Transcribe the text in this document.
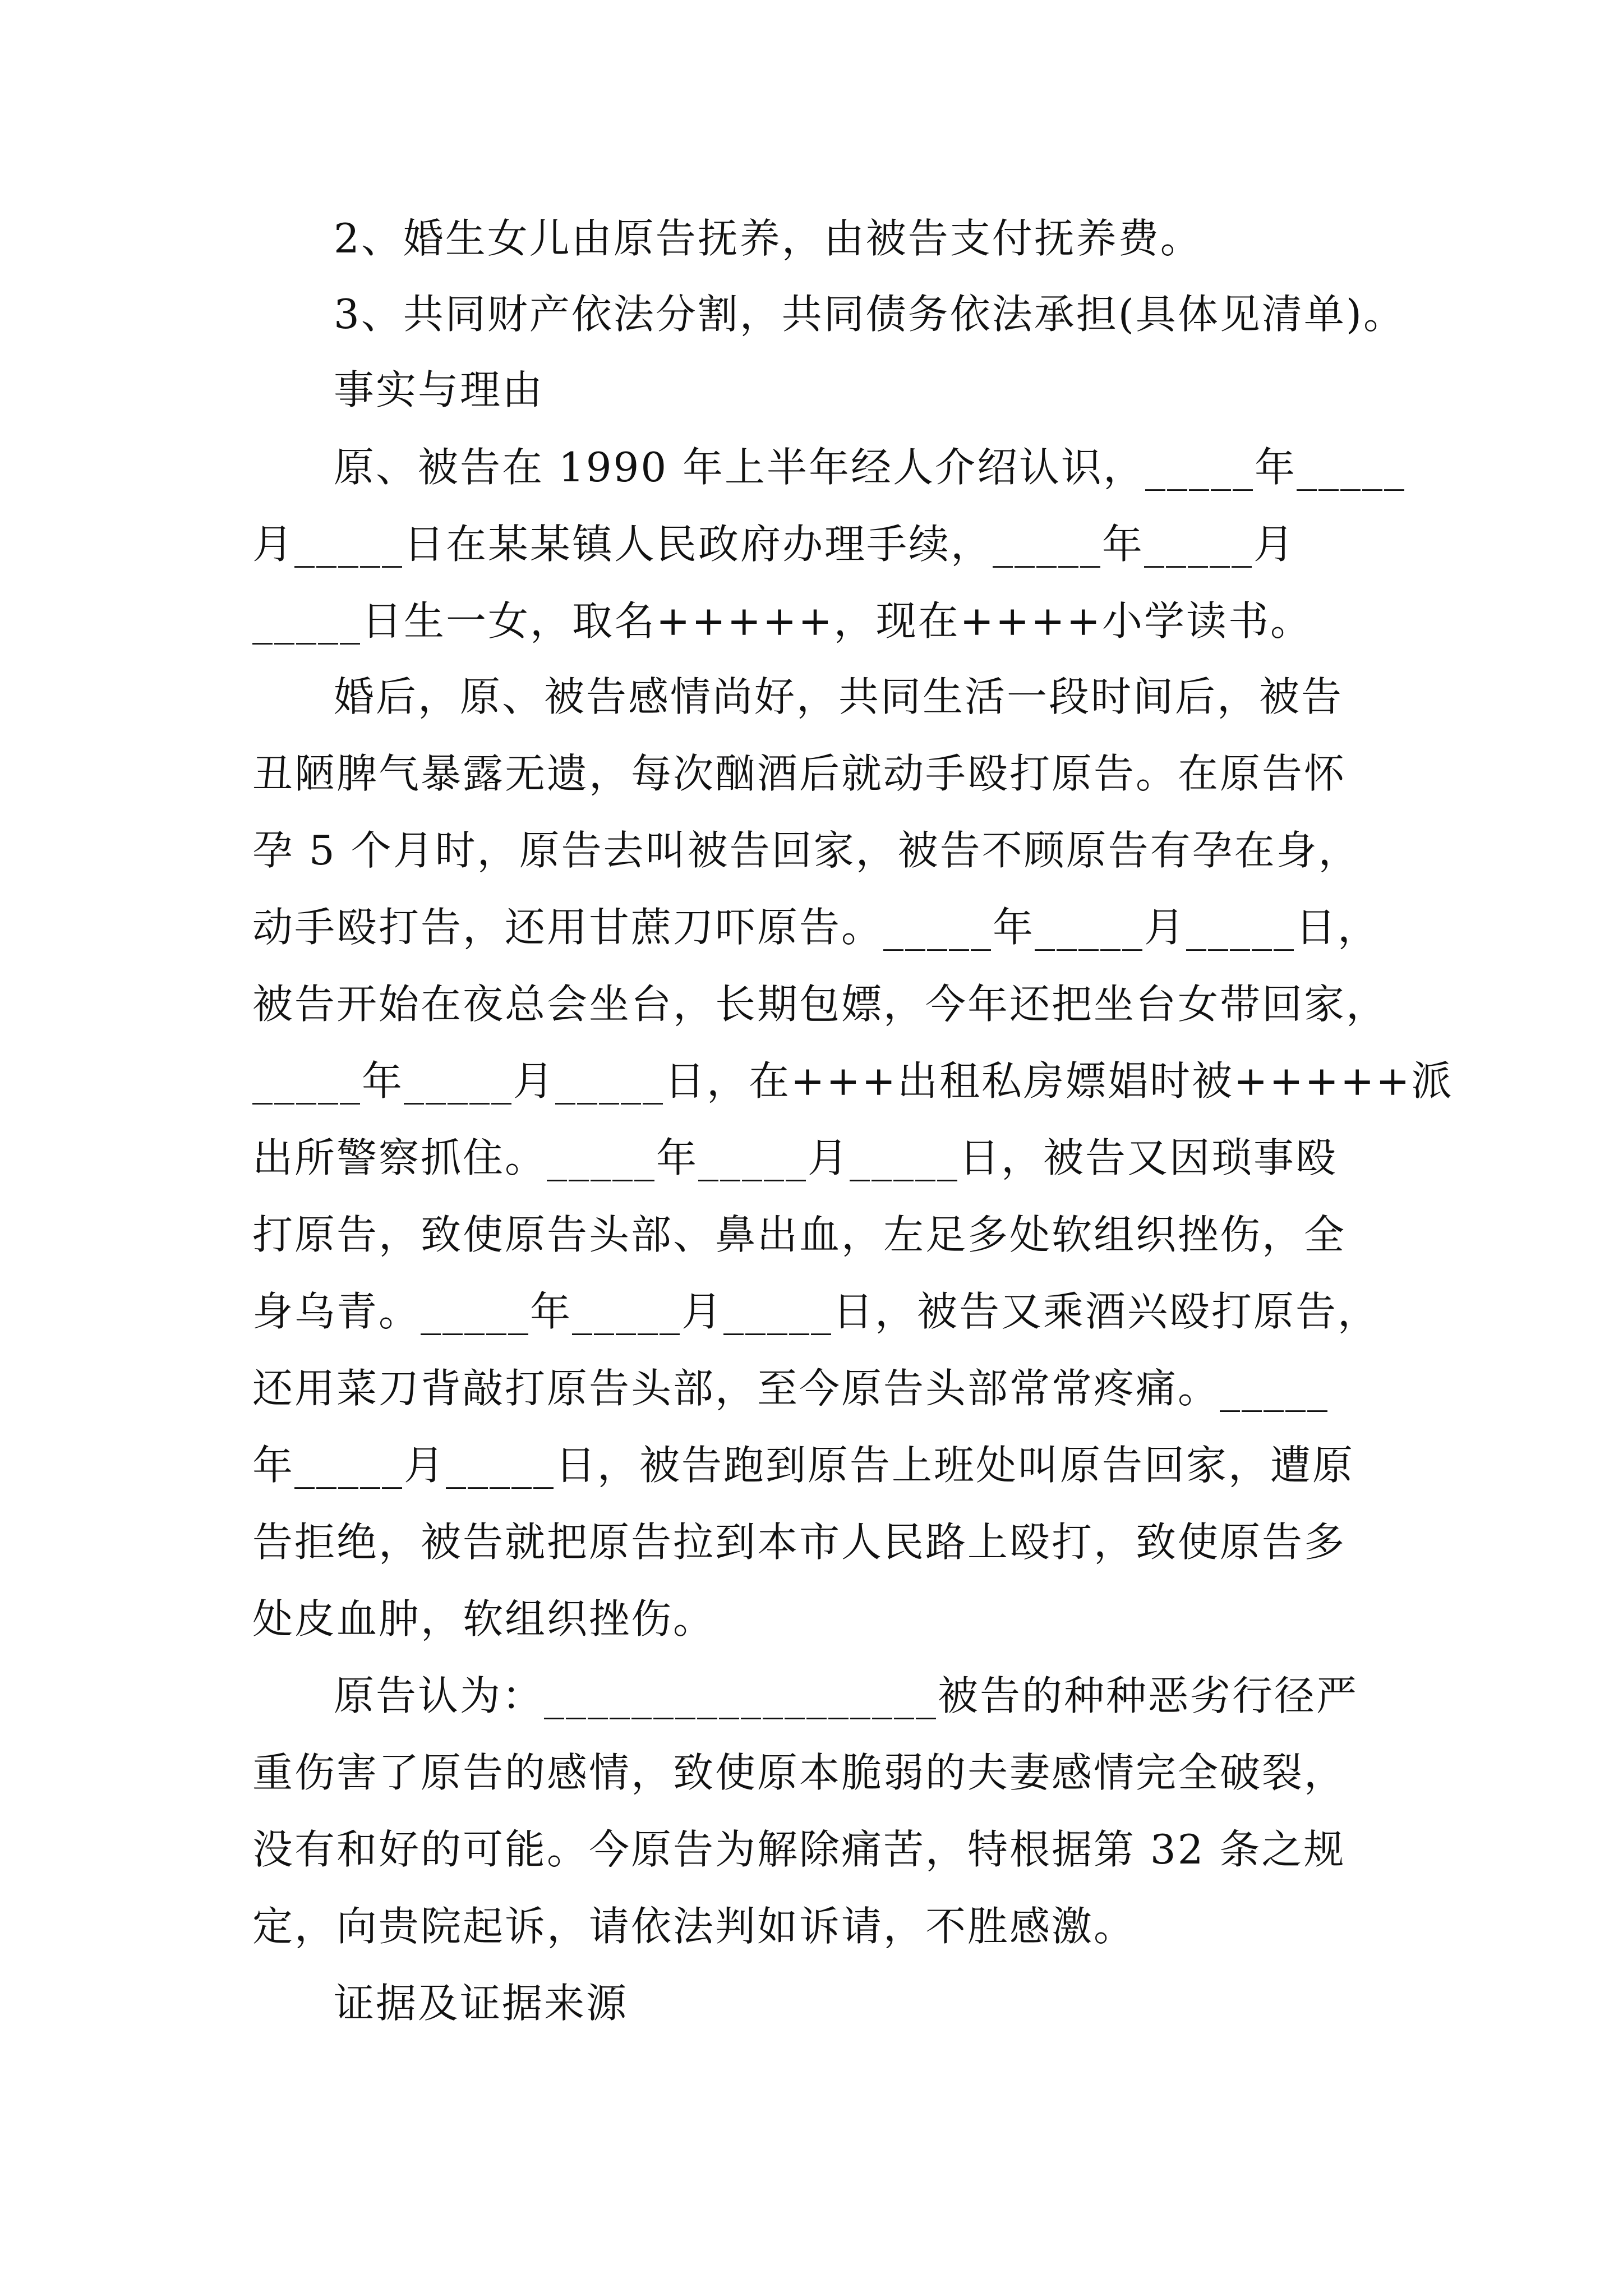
2、婚生女儿由原告抚养，由被告支付抚养费。
3、共同财产依法分割，共同债务依法承担(具体见清单)。
事实与理由
原、被告在 1990 年上半年经人介绍认识，_____年_____
月_____日在某某镇人民政府办理手续，_____年_____月
_____日生一女，取名+++++，现在++++小学读书。
婚后，原、被告感情尚好，共同生活一段时间后，被告
丑陋脾气暴露无遗，每次酗酒后就动手殴打原告。在原告怀
孕 5 个月时，原告去叫被告回家，被告不顾原告有孕在身，
动手殴打告，还用甘蔗刀吓原告。_____年_____月_____日，
被告开始在夜总会坐台，长期包嫖，今年还把坐台女带回家，
_____年_____月_____日，在+++出租私房嫖娼时被+++++派
出所警察抓住。_____年_____月_____日，被告又因琐事殴
打原告，致使原告头部、鼻出血，左足多处软组织挫伤，全
身乌青。_____年_____月_____日，被告又乘酒兴殴打原告，
还用菜刀背敲打原告头部，至今原告头部常常疼痛。_____
年_____月_____日，被告跑到原告上班处叫原告回家，遭原
告拒绝，被告就把原告拉到本市人民路上殴打，致使原告多
处皮血肿，软组织挫伤。
原告认为：__________________被告的种种恶劣行径严
重伤害了原告的感情，致使原本脆弱的夫妻感情完全破裂，
没有和好的可能。今原告为解除痛苦，特根据第 32 条之规
定，向贵院起诉，请依法判如诉请，不胜感激。
证据及证据来源
